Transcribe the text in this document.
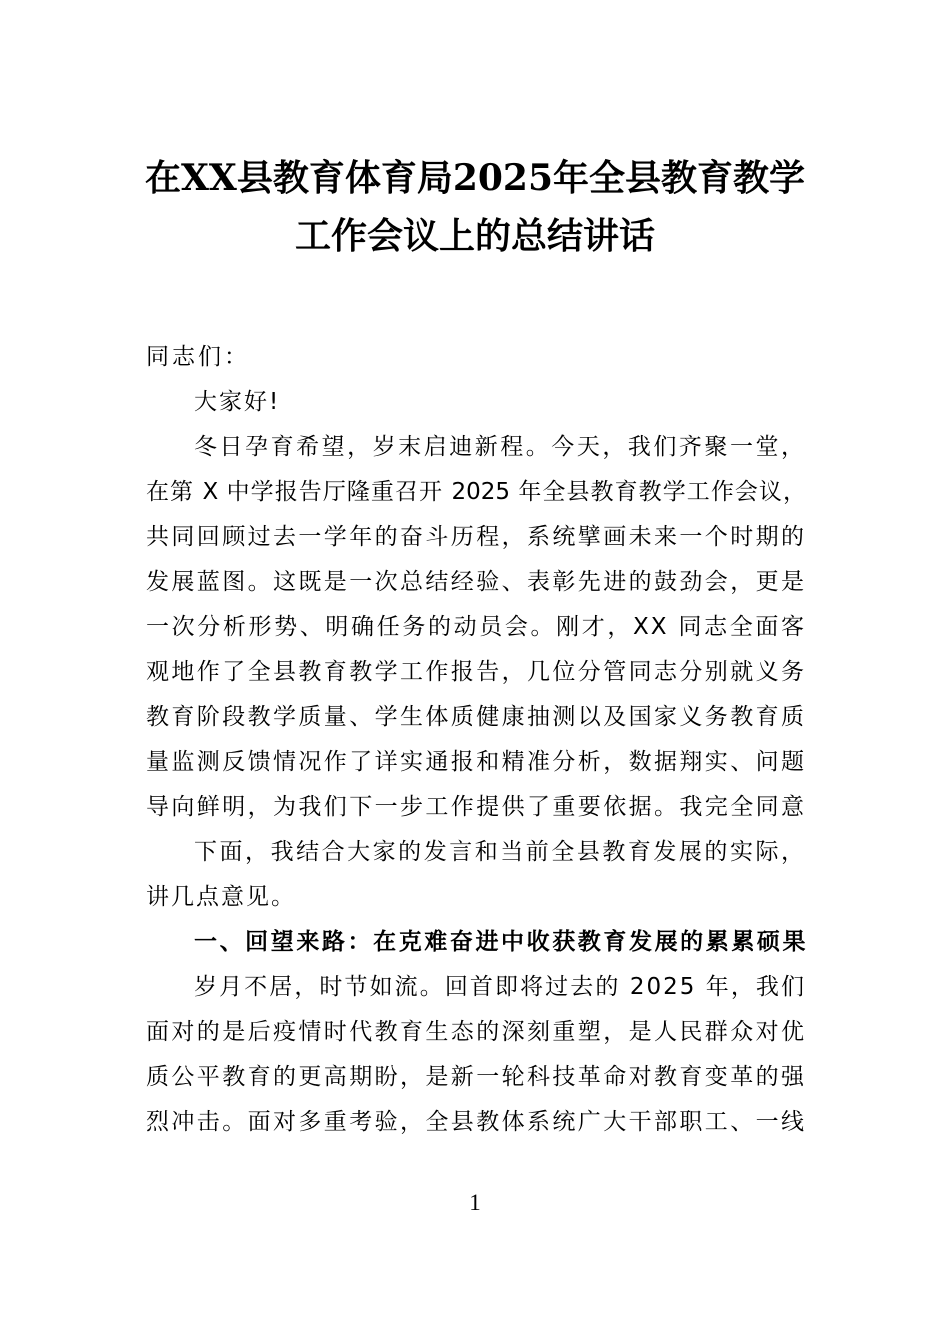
在XX县教育体育局2025年全县教育教学
工作会议上的总结讲话
同志们：
大家好!
冬日孕育希望，岁末启迪新程。今天，我们齐聚一堂，
在第 X 中学报告厅隆重召开 2025 年全县教育教学工作会议，
共同回顾过去一学年的奋斗历程，系统擘画未来一个时期的
发展蓝图。这既是一次总结经验、表彰先进的鼓劲会，更是
一次分析形势、明确任务的动员会。刚才，XX 同志全面客
观地作了全县教育教学工作报告，几位分管同志分别就义务
教育阶段教学质量、学生体质健康抽测以及国家义务教育质
量监测反馈情况作了详实通报和精准分析，数据翔实、问题
导向鲜明，为我们下一步工作提供了重要依据。我完全同意
下面，我结合大家的发言和当前全县教育发展的实际，
讲几点意见。
一、回望来路：在克难奋进中收获教育发展的累累硕果
岁月不居，时节如流。回首即将过去的 2025 年，我们
面对的是后疫情时代教育生态的深刻重塑，是人民群众对优
质公平教育的更高期盼，是新一轮科技革命对教育变革的强
烈冲击。面对多重考验，全县教体系统广大干部职工、一线
1
